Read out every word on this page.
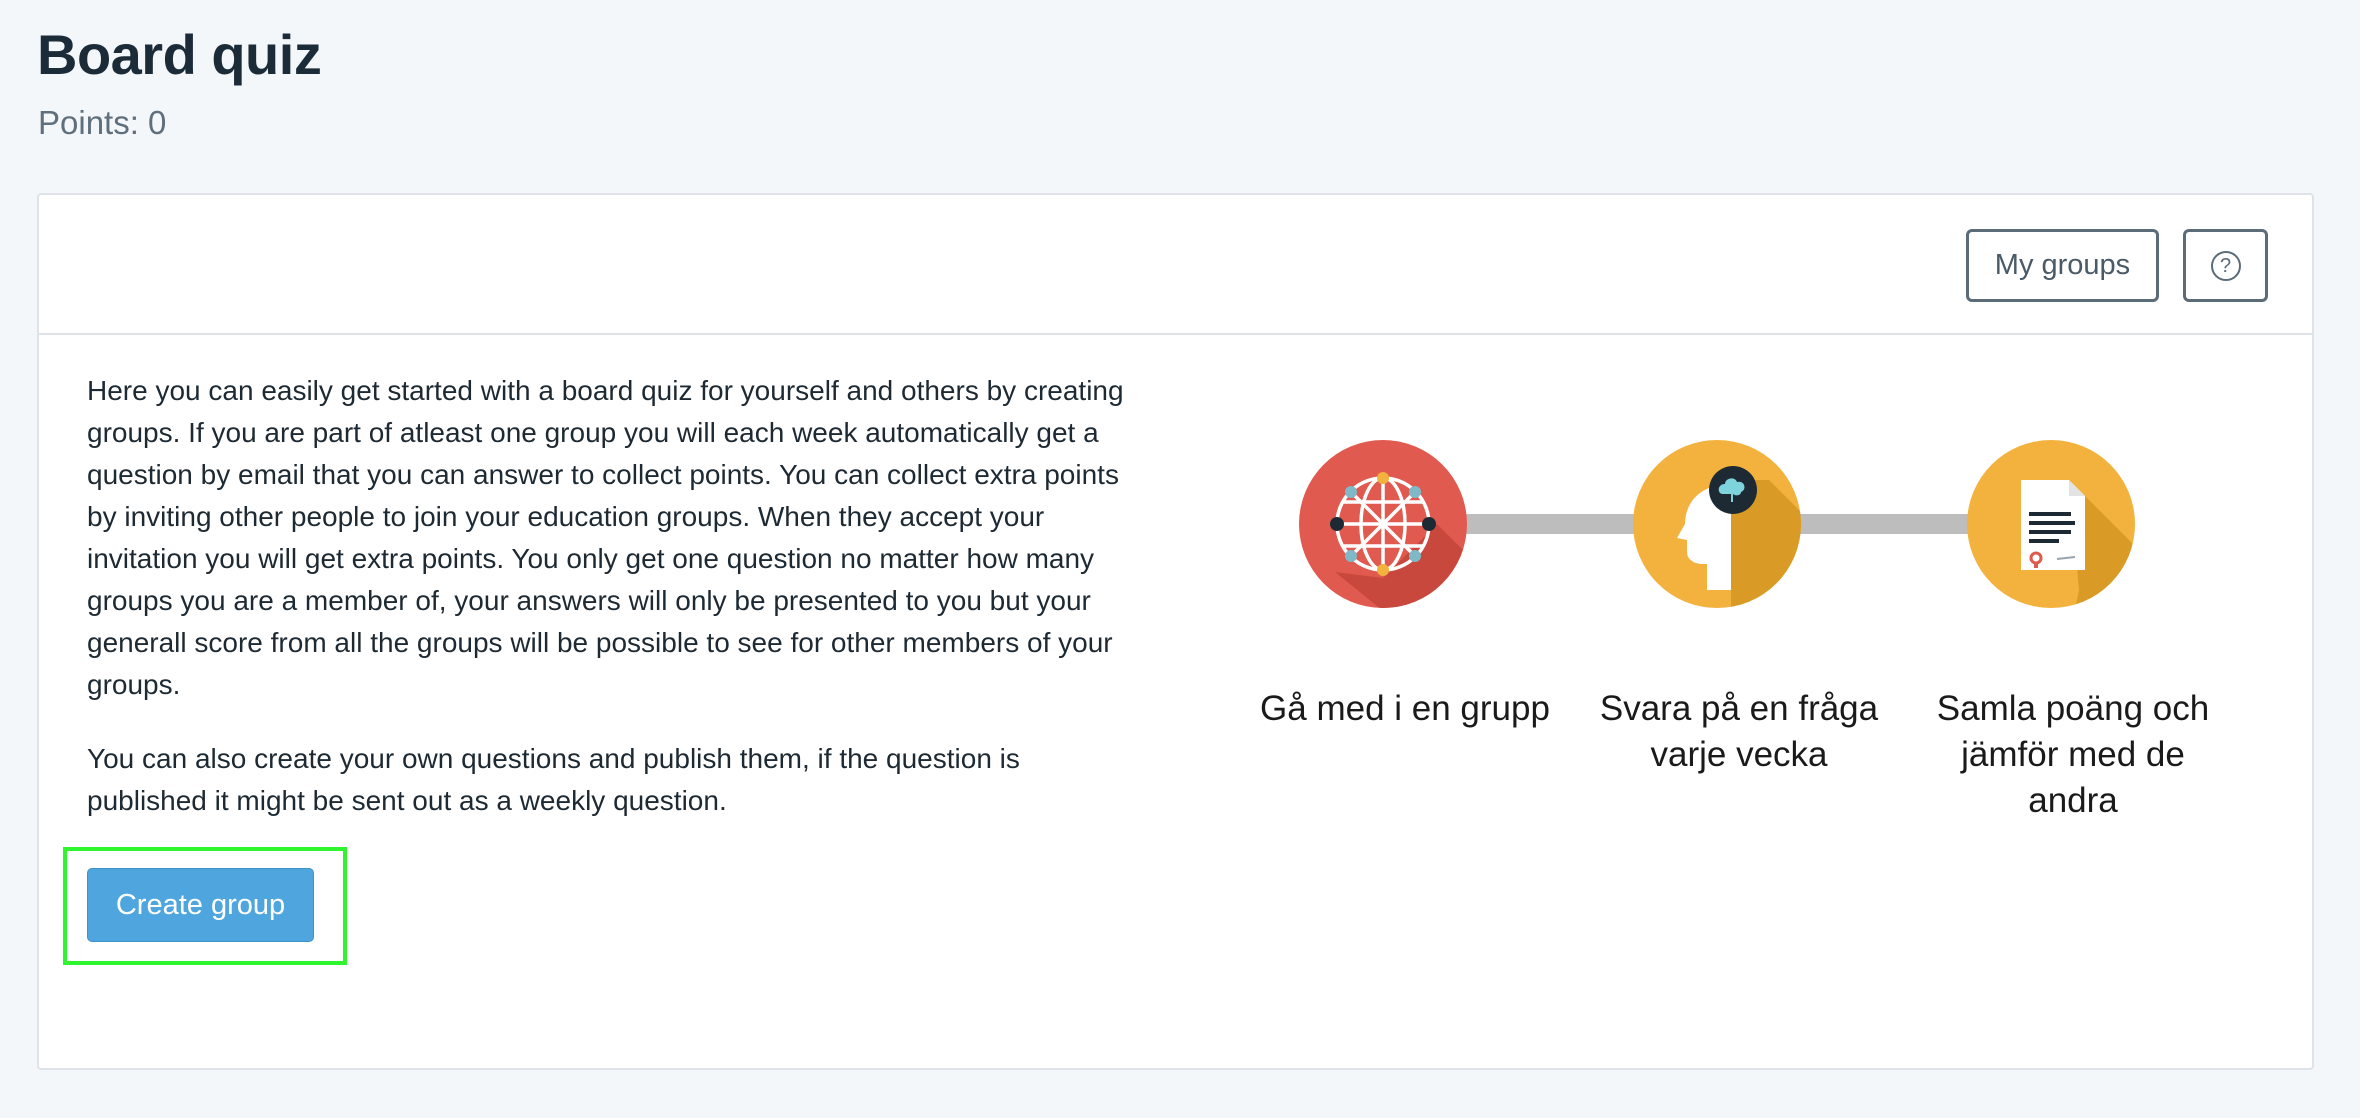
Board quiz
Points: 0
My groups	?

Here you can easily get started with a board quiz for yourself and others by creating groups. If you are part of atleast one group you will each week automatically get a question by email that you can answer to collect points. You can collect extra points by inviting other people to join your education groups. When they accept your invitation you will get extra points. You only get one question no matter how many groups you are a member of, your answers will only be presented to you but your generall score from all the groups will be possible to see for other members of your groups.

You can also create your own questions and publish them, if the question is published it might be sent out as a weekly question.

Create group
Gå med i en grupp	Svara på en fråga varje vecka
Samla poäng och jämför med de andra
